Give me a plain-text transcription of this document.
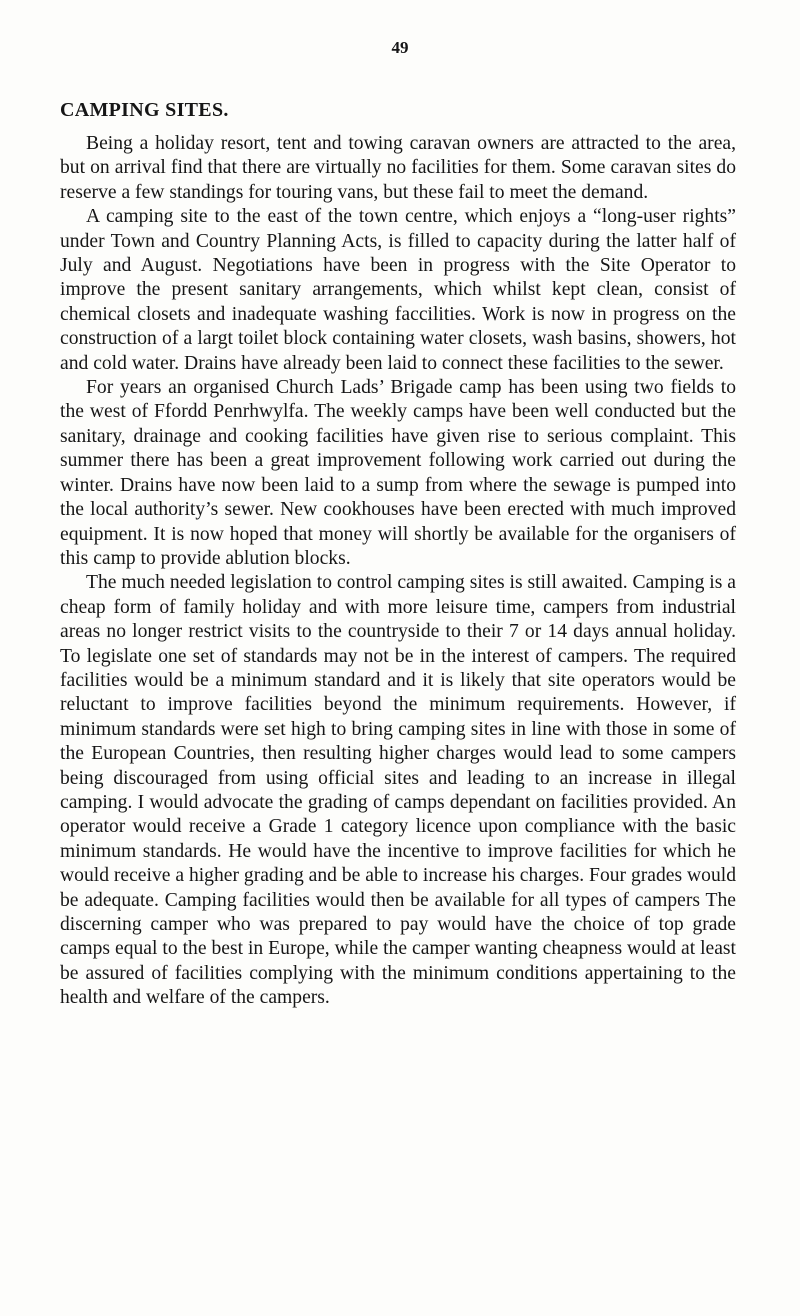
49
CAMPING SITES.

Being a holiday resort, tent and towing caravan owners are attracted to the area, but on arrival find that there are virtually no facilities for them. Some caravan sites do reserve a few standings for touring vans, but these fail to meet the demand.

A camping site to the east of the town centre, which enjoys a “long-user rights” under Town and Country Planning Acts, is filled to capacity during the latter half of July and August. Negotiations have been in progress with the Site Operator to improve the present sanitary arrangements, which whilst kept clean, consist of chemical closets and inadequate washing faccilities. Work is now in progress on the construction of a largt toilet block containing water closets, wash basins, showers, hot and cold water. Drains have already been laid to connect these facilities to the sewer.

For years an organised Church Lads’ Brigade camp has been using two fields to the west of Ffordd Penrhwylfa. The weekly camps have been well conducted but the sanitary, drainage and cooking facilities have given rise to serious complaint. This summer there has been a great improvement following work carried out during the winter. Drains have now been laid to a sump from where the sewage is pumped into the local authority’s sewer. New cookhouses have been erected with much improved equipment. It is now hoped that money will shortly be available for the organisers of this camp to provide ablution blocks.

The much needed legislation to control camping sites is still awaited. Camping is a cheap form of family holiday and with more leisure time, campers from industrial areas no longer restrict visits to the countryside to their 7 or 14 days annual holiday. To legislate one set of standards may not be in the interest of campers. The required facilities would be a minimum standard and it is likely that site operators would be reluctant to improve facilities beyond the minimum requirements. However, if minimum standards were set high to bring camping sites in line with those in some of the European Countries, then resulting higher charges would lead to some campers being discouraged from using official sites and leading to an increase in illegal camping. I would advocate the grading of camps dependant on facilities provided. An operator would receive a Grade 1 category licence upon compliance with the basic minimum standards. He would have the incentive to improve facilities for which he would receive a higher grading and be able to increase his charges. Four grades would be adequate. Camping facilities would then be available for all types of campers The discerning camper who was prepared to pay would have the choice of top grade camps equal to the best in Europe, while the camper wanting cheapness would at least be assured of facilities complying with the minimum conditions appertaining to the health and welfare of the campers.
